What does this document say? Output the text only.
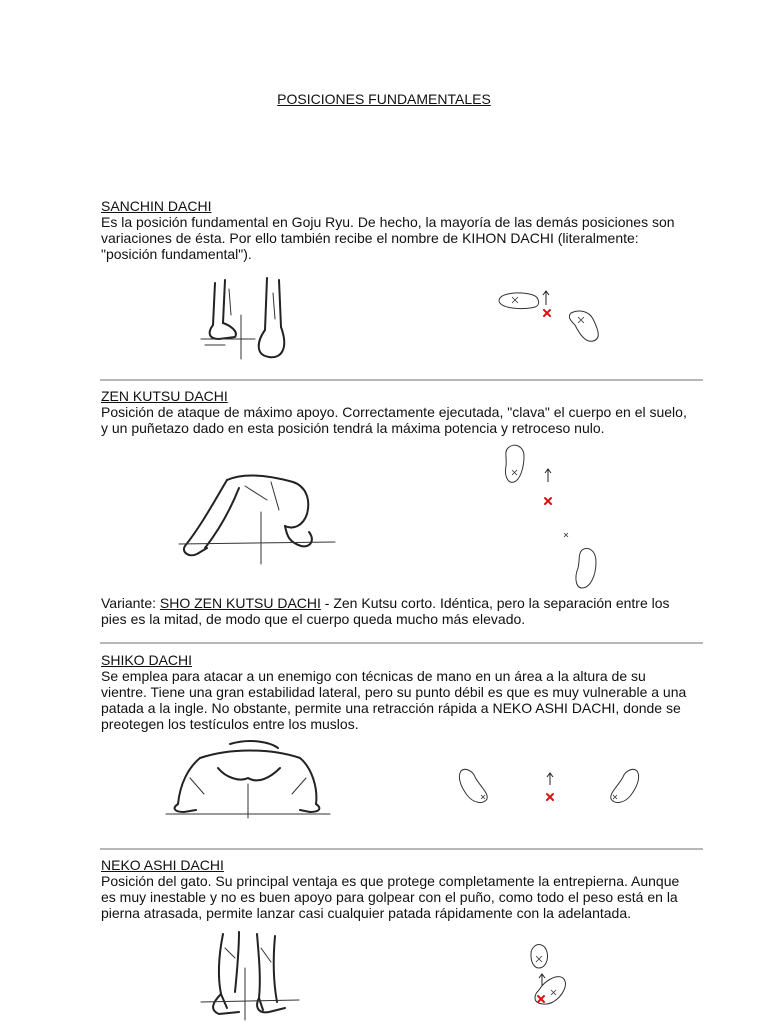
POSICIONES FUNDAMENTALES
SANCHIN DACHI

Es la posición fundamental en Goju Ryu. De hecho, la mayoría de las demás posiciones son

variaciones de ésta. Por ello también recibe el nombre de KIHON DACHI (literalmente:

"posición fundamental").

ZEN KUTSU DACHI

Posición de ataque de máximo apoyo. Correctamente ejecutada, "clava" el cuerpo en el suelo,

y un puñetazo dado en esta posición tendrá la máxima potencia y retroceso nulo.

Variante: SHO ZEN KUTSU DACHI - Zen Kutsu corto. Idéntica, pero la separación entre los

pies es la mitad, de modo que el cuerpo queda mucho más elevado.

SHIKO DACHI

Se emplea para atacar a un enemigo con técnicas de mano en un área a la altura de su

vientre. Tiene una gran estabilidad lateral, pero su punto débil es que es muy vulnerable a una

patada a la ingle. No obstante, permite una retracción rápida a NEKO ASHI DACHI, donde se

preotegen los testículos entre los muslos.

NEKO ASHI DACHI

Posición del gato. Su principal ventaja es que protege completamente la entrepierna. Aunque

es muy inestable y no es buen apoyo para golpear con el puño, como todo el peso está en la

pierna atrasada, permite lanzar casi cualquier patada rápidamente con la adelantada.
